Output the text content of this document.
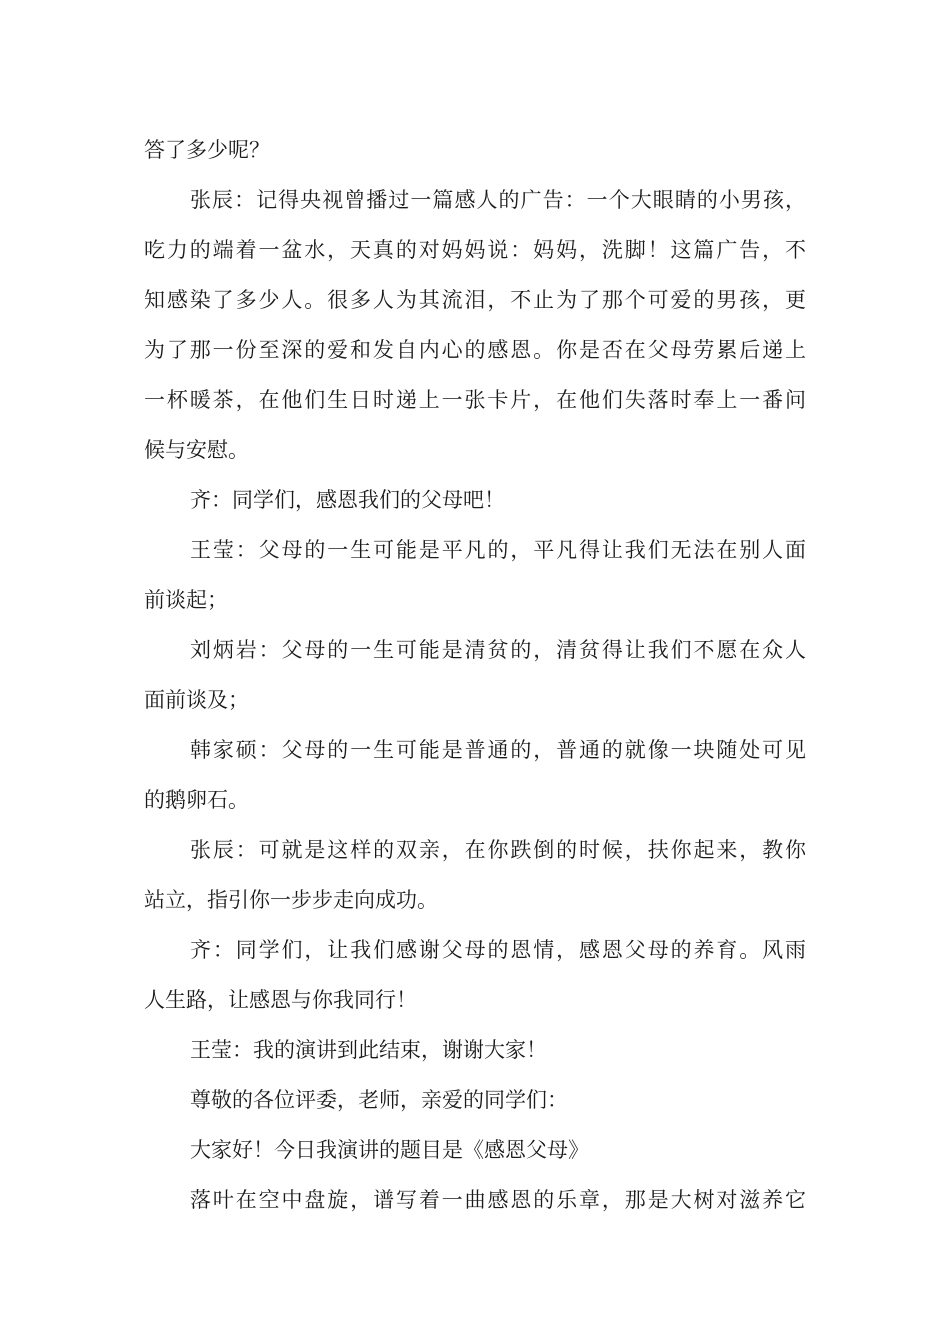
答了多少呢？
张辰：记得央视曾播过一篇感人的广告：一个大眼睛的小男孩，
吃力的端着一盆水，天真的对妈妈说：妈妈，洗脚！这篇广告，不
知感染了多少人。很多人为其流泪，不止为了那个可爱的男孩，更
为了那一份至深的爱和发自内心的感恩。你是否在父母劳累后递上
一杯暖茶，在他们生日时递上一张卡片，在他们失落时奉上一番问
候与安慰。
齐：同学们，感恩我们的父母吧！
王莹：父母的一生可能是平凡的，平凡得让我们无法在别人面
前谈起；
刘炳岩：父母的一生可能是清贫的，清贫得让我们不愿在众人
面前谈及；
韩家硕：父母的一生可能是普通的，普通的就像一块随处可见
的鹅卵石。
张辰：可就是这样的双亲，在你跌倒的时候，扶你起来，教你
站立，指引你一步步走向成功。
齐：同学们，让我们感谢父母的恩情，感恩父母的养育。风雨
人生路，让感恩与你我同行！
王莹：我的演讲到此结束，谢谢大家！
尊敬的各位评委，老师，亲爱的同学们：
大家好！今日我演讲的题目是《感恩父母》
落叶在空中盘旋，谱写着一曲感恩的乐章，那是大树对滋养它
